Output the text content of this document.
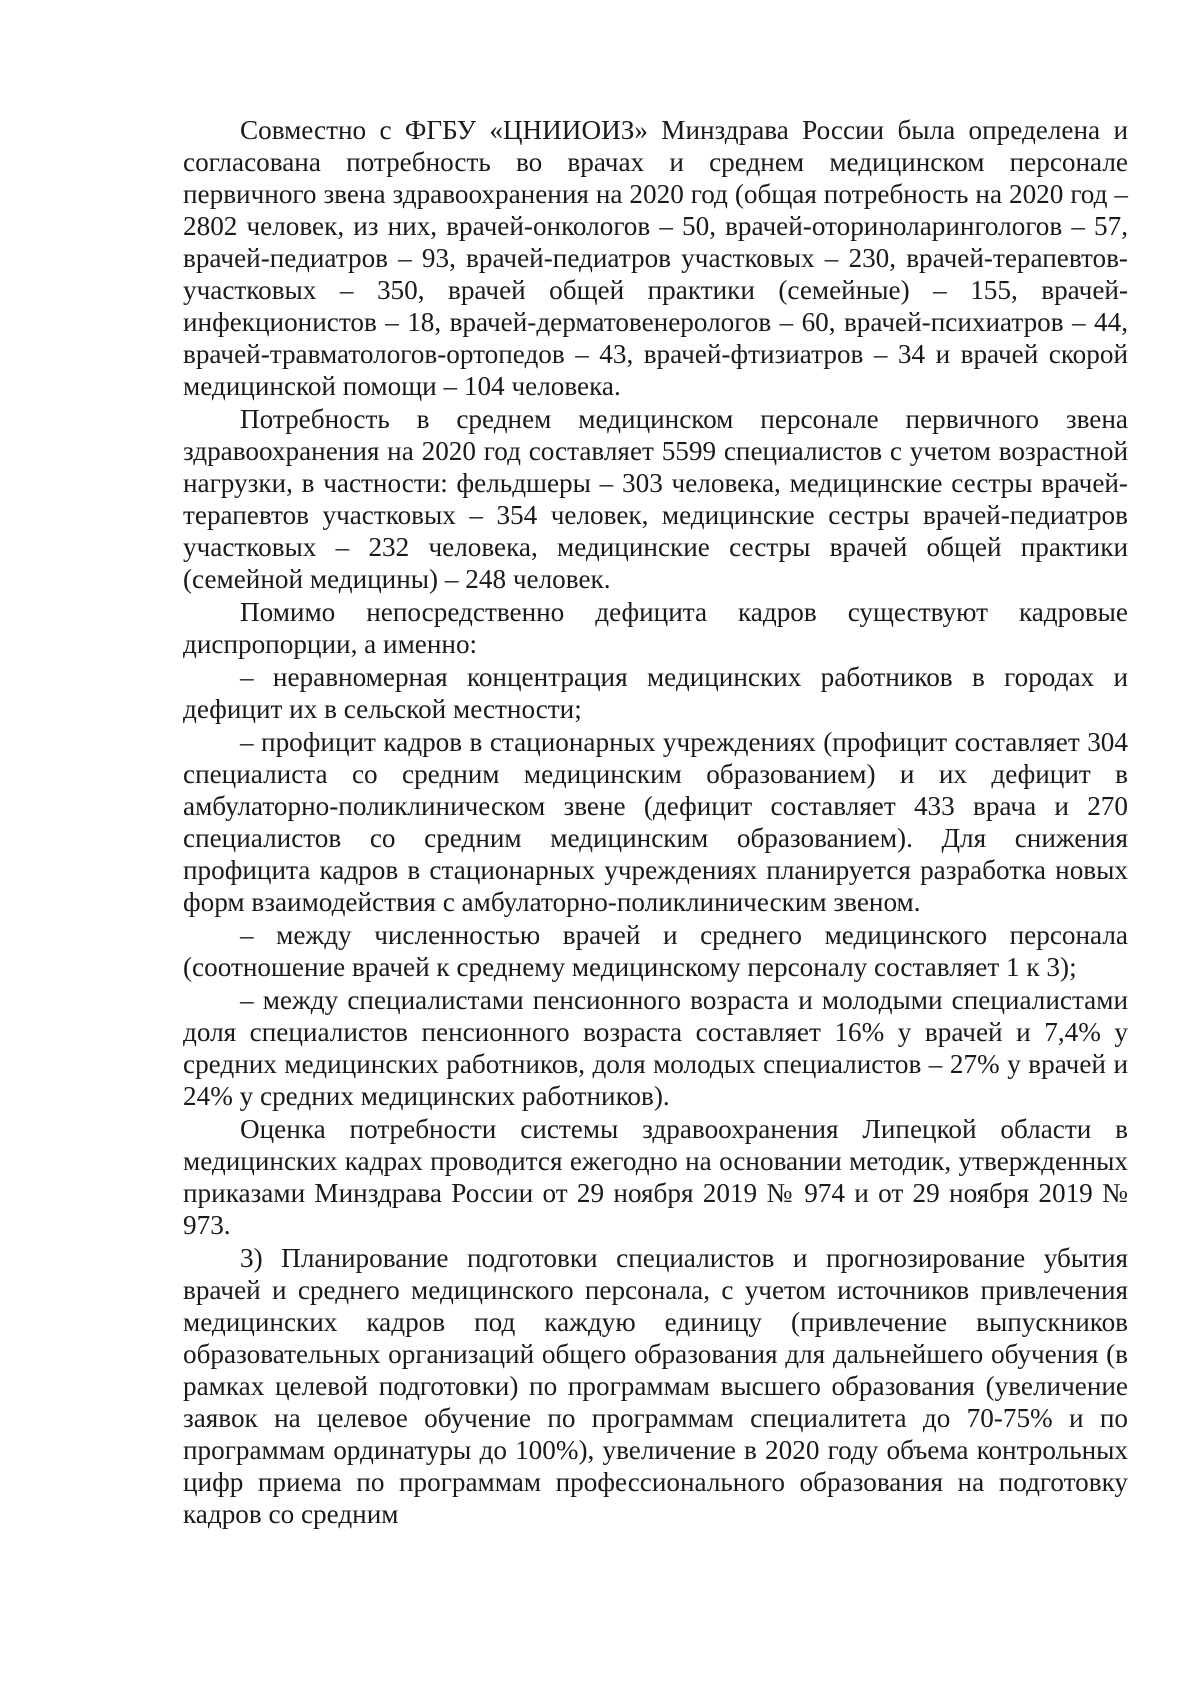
Совместно с ФГБУ «ЦНИИОИЗ» Минздрава России была определена и согласована потребность во врачах и среднем медицинском персонале первичного звена здравоохранения на 2020 год (общая потребность на 2020 год – 2802 человек, из них, врачей-онкологов – 50, врачей-оториноларингологов – 57, врачей-педиатров – 93, врачей-педиатров участковых – 230, врачей-терапевтов-участковых – 350, врачей общей практики (семейные) – 155, врачей-инфекционистов – 18, врачей-дерматовенерологов – 60, врачей-психиатров – 44, врачей-травматологов-ортопедов – 43, врачей-фтизиатров – 34 и врачей скорой медицинской помощи – 104 человека.

Потребность в среднем медицинском персонале первичного звена здравоохранения на 2020 год составляет 5599 специалистов с учетом возрастной нагрузки, в частности: фельдшеры – 303 человека, медицинские сестры врачей-терапевтов участковых – 354 человек, медицинские сестры врачей-педиатров участковых – 232 человека, медицинские сестры врачей общей практики (семейной медицины) – 248 человек.

Помимо непосредственно дефицита кадров существуют кадровые диспропорции, а именно:

– неравномерная концентрация медицинских работников в городах и дефицит их в сельской местности;

– профицит кадров в стационарных учреждениях (профицит составляет 304 специалиста со средним медицинским образованием) и их дефицит в амбулаторно-поликлиническом звене (дефицит составляет 433 врача и 270 специалистов со средним медицинским образованием). Для снижения профицита кадров в стационарных учреждениях планируется разработка новых форм взаимодействия с амбулаторно-поликлиническим звеном.

– между численностью врачей и среднего медицинского персонала (соотношение врачей к среднему медицинскому персоналу составляет 1 к 3);

– между специалистами пенсионного возраста и молодыми специалистами доля специалистов пенсионного возраста составляет 16% у врачей и 7,4% у средних медицинских работников, доля молодых специалистов – 27% у врачей и 24% у средних медицинских работников).

Оценка потребности системы здравоохранения Липецкой области в медицинских кадрах проводится ежегодно на основании методик, утвержденных приказами Минздрава России от 29 ноября 2019 № 974 и от 29 ноября 2019 № 973.

3) Планирование подготовки специалистов и прогнозирование убытия врачей и среднего медицинского персонала, с учетом источников привлечения медицинских кадров под каждую единицу (привлечение выпускников образовательных организаций общего образования для дальнейшего обучения (в рамках целевой подготовки) по программам высшего образования (увеличение заявок на целевое обучение по программам специалитета до 70-75% и по программам ординатуры до 100%), увеличение в 2020 году объема контрольных цифр приема по программам профессионального образования на подготовку кадров со средним
